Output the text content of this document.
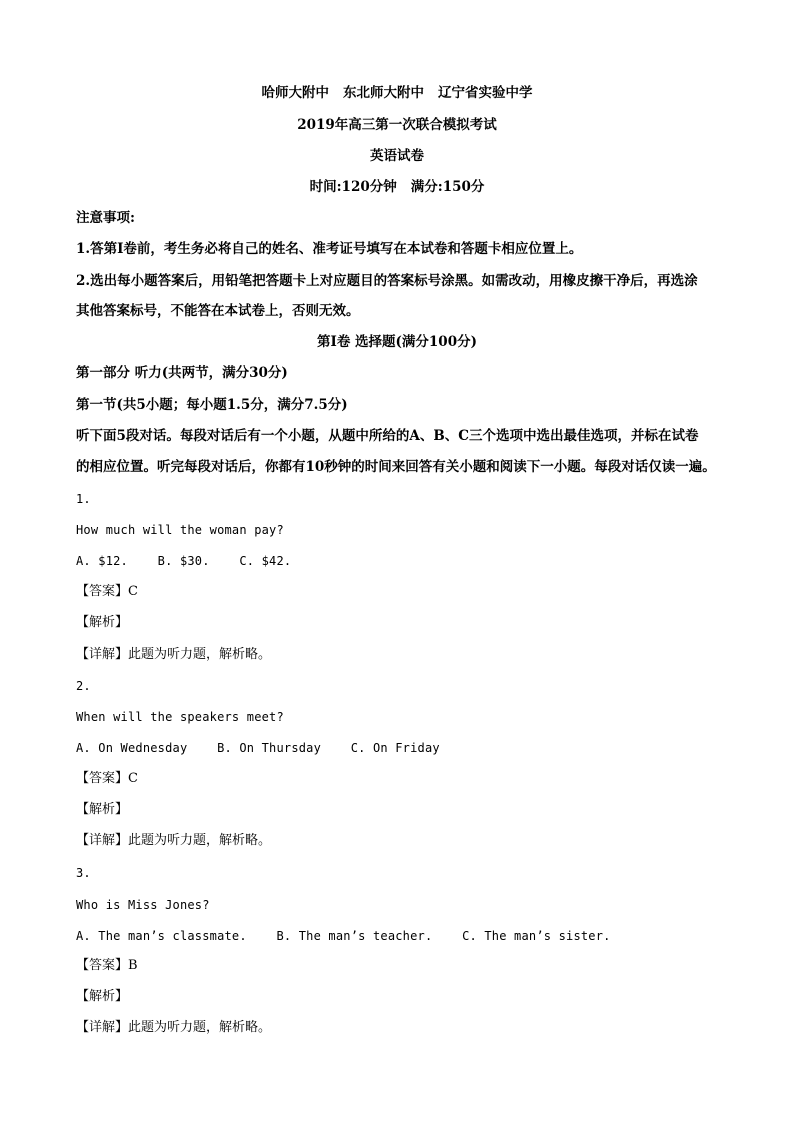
哈师大附中 东北师大附中 辽宁省实验中学
2019年高三第一次联合模拟考试
英语试卷
时间:120分钟 满分:150分
注意事项:
1.答第Ⅰ卷前，考生务必将自己的姓名、准考证号填写在本试卷和答题卡相应位置上。
2.选出每小题答案后，用铅笔把答题卡上对应题目的答案标号涂黑。如需改动，用橡皮擦干净后，再选涂
其他答案标号，不能答在本试卷上，否则无效。
第Ⅰ卷 选择题(满分100分)
第一部分 听力(共两节，满分30分)
第一节(共5小题；每小题1.5分，满分7.5分)
听下面5段对话。每段对话后有一个小题，从题中所给的A、B、C三个选项中选出最佳选项，并标在试卷
的相应位置。听完每段对话后，你都有10秒钟的时间来回答有关小题和阅读下一小题。每段对话仅读一遍。
1.
How much will the woman pay?
A. $12.    B. $30.    C. $42.
【答案】C
【解析】
【详解】此题为听力题，解析略。
2.
When will the speakers meet?
A. On Wednesday    B. On Thursday    C. On Friday
【答案】C
【解析】
【详解】此题为听力题，解析略。
3.
Who is Miss Jones?
A. The man’s classmate.    B. The man’s teacher.    C. The man’s sister.
【答案】B
【解析】
【详解】此题为听力题，解析略。
